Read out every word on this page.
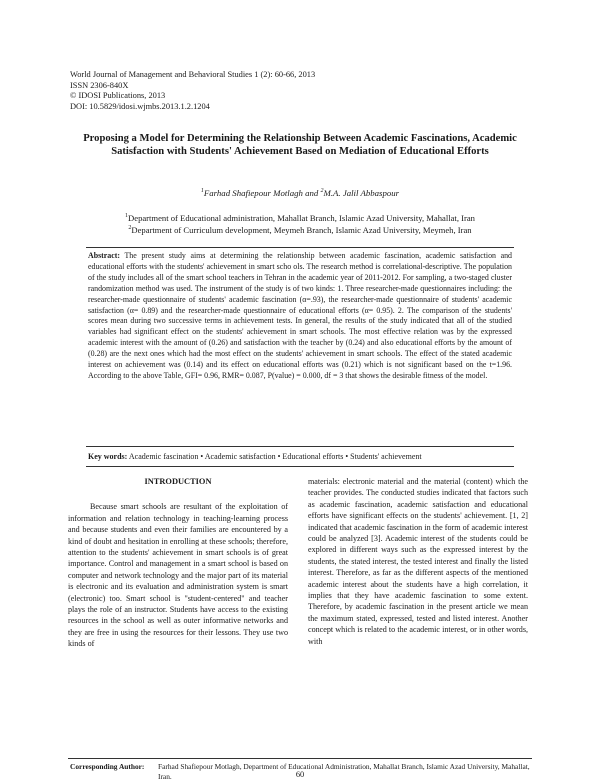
World Journal of Management and Behavioral Studies 1 (2): 60-66, 2013
ISSN 2306-840X
© IDOSI Publications, 2013
DOI: 10.5829/idosi.wjmbs.2013.1.2.1204
Proposing a Model for Determining the Relationship Between Academic Fascinations, Academic Satisfaction with Students' Achievement Based on Mediation of Educational Efforts
$^1$Farhad Shafiepour Motlagh and $^2$M.A. Jalil Abbaspour
$^1$Department of Educational administration, Mahallat Branch, Islamic Azad University, Mahallat, Iran
$^2$Department of Curriculum development, Meymeh Branch, Islamic Azad University, Meymeh, Iran
Abstract: The present study aims at determining the relationship between academic fascination, academic satisfaction and educational efforts with the students' achievement in smart scho ols. The research method is correlational-descriptive. The population of the study includes all of the smart school teachers in Tehran in the academic year of 2011-2012. For sampling, a two-staged cluster randomization method was used. The instrument of the study is of two kinds: 1. Three researcher-made questionnaires including: the researcher-made questionnaire of students' academic fascination (α=.93), the researcher-made questionnaire of students' academic satisfaction (α= 0.89) and the researcher-made questionnaire of educational efforts (α= 0.95). 2. The comparison of the students' scores mean during two successive terms in achievement tests. In general, the results of the study indicated that all of the studied variables had significant effect on the students' achievement in smart schools. The most effective relation was by the expressed academic interest with the amount of (0.26) and satisfaction with the teacher by (0.24) and also educational efforts by the amount of (0.28) are the next ones which had the most effect on the students' achievement in smart schools. The effect of the stated academic interest on achievement was (0.14) and its effect on educational efforts was (0.21) which is not significant based on the t=1.96. According to the above Table, GFI= 0.96, RMR= 0.087, P(value) = 0.000, df = 3 that shows the desirable fitness of the model.
Key words: Academic fascination • Academic satisfaction • Educational efforts • Students' achievement
INTRODUCTION

Because smart schools are resultant of the exploitation of information and relation technology in teaching-learning process and because students and even their families are encountered by a kind of doubt and hesitation in enrolling at these schools; therefore, attention to the students' achievement in smart schools is of great importance. Control and management in a smart school is based on computer and network technology and the major part of its material is electronic and its evaluation and administration system is smart (electronic) too. Smart school is "student-centered" and teacher plays the role of an instructor. Students have access to the existing resources in the school as well as outer informative networks and they are free in using the resources for their lessons. They use two kinds of

materials: electronic material and the material (content) which the teacher provides. The conducted studies indicated that factors such as academic fascination, academic satisfaction and educational efforts have significant effects on the students' achievement. [1, 2] indicated that academic fascination in the form of academic interest could be analyzed [3]. Academic interest of the students could be explored in different ways such as the expressed interest by the students, the stated interest, the tested interest and finally the listed interest. Therefore, as far as the different aspects of the mentioned academic interest about the students have a high correlation, it implies that they have academic fascination to some extent. Therefore, by academic fascination in the present article we mean the maximum stated, expressed, tested and listed interest. Another concept which is related to the academic interest, or in other words, with

Corresponding Author: Farhad Shafiepour Motlagh, Department of Educational Administration, Mahallat Branch, Islamic Azad University, Mahallat, Iran.	60
